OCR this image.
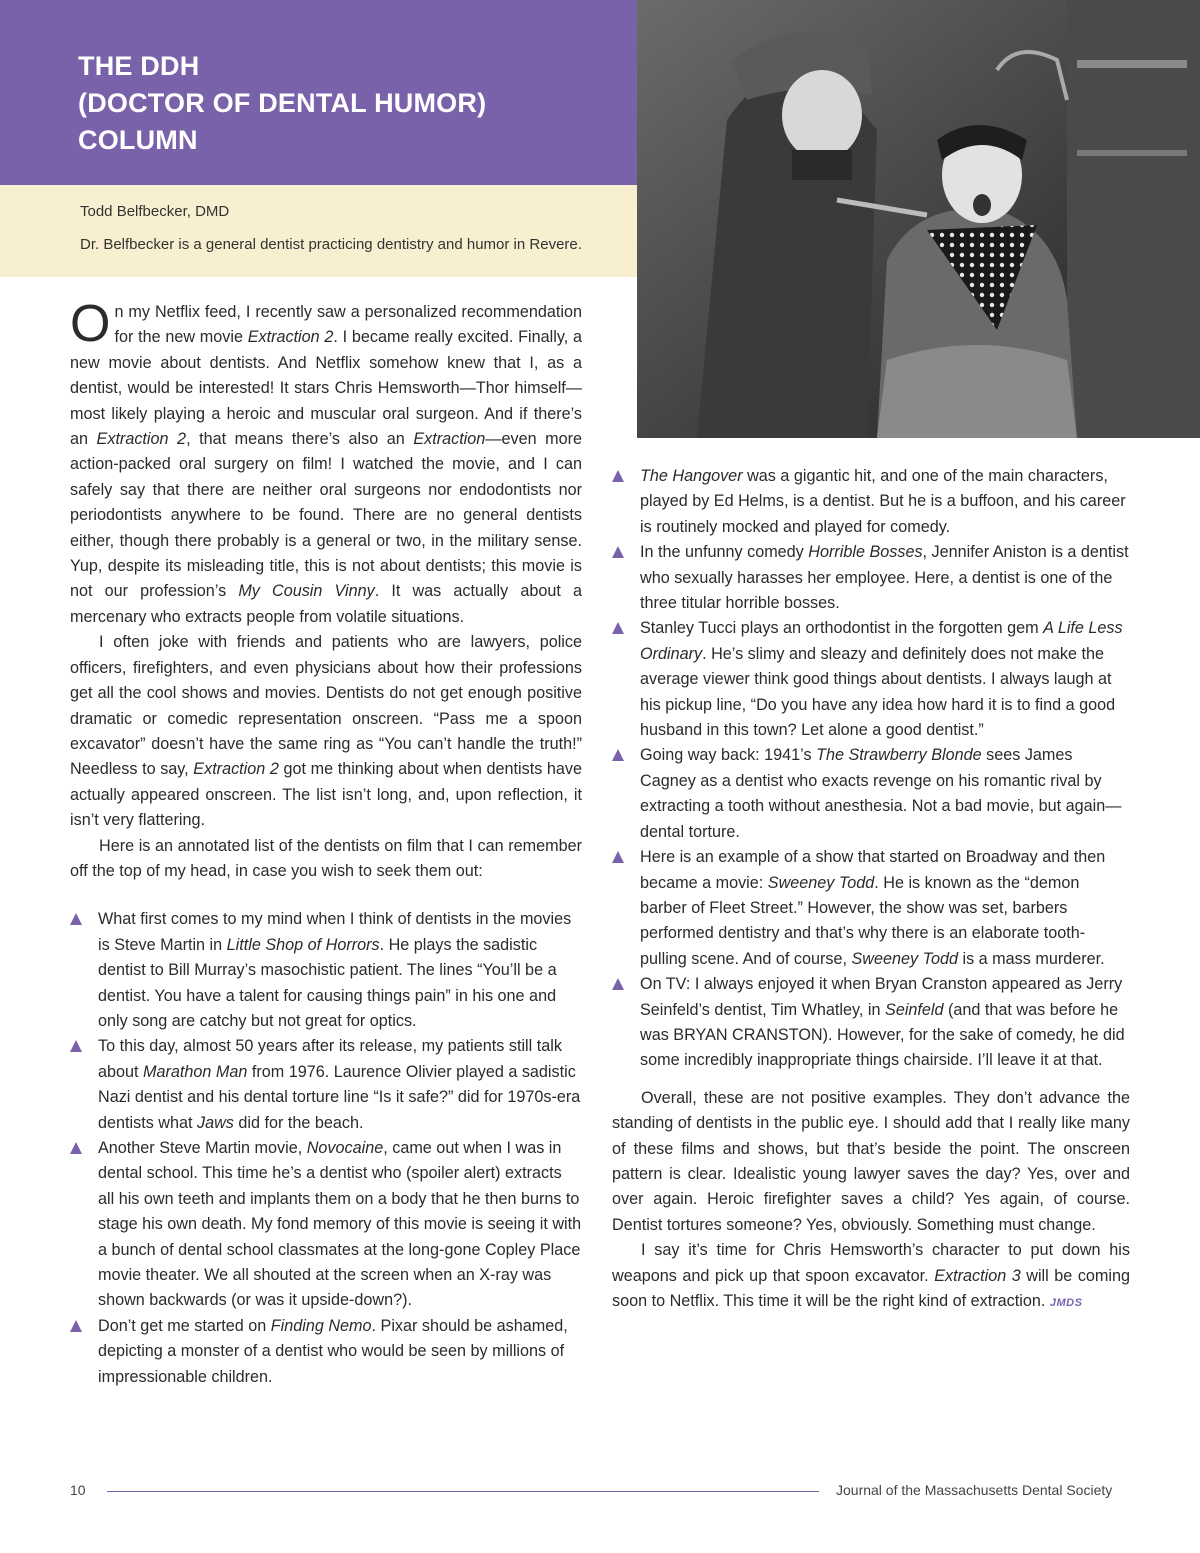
THE DDH
(DOCTOR OF DENTAL HUMOR)
COLUMN
Todd Belfbecker, DMD
Dr. Belfbecker is a general dentist practicing dentistry and humor in Revere.

On my Netflix feed, I recently saw a personalized recommendation for the new movie Extraction 2. I became really excited. Finally, a new movie about dentists. And Netflix somehow knew that I, as a dentist, would be interested! It stars Chris Hemsworth—Thor himself—most likely playing a heroic and muscular oral surgeon. And if there’s an Extraction 2, that means there’s also an Extraction—even more action-packed oral surgery on film! I watched the movie, and I can safely say that there are neither oral surgeons nor endodontists nor periodontists anywhere to be found. There are no general dentists either, though there probably is a general or two, in the military sense. Yup, despite its misleading title, this is not about dentists; this movie is not our profession’s My Cousin Vinny. It was actually about a mercenary who extracts people from volatile situations.

I often joke with friends and patients who are lawyers, police officers, firefighters, and even physicians about how their professions get all the cool shows and movies. Dentists do not get enough positive dramatic or comedic representation onscreen. “Pass me a spoon excavator” doesn’t have the same ring as “You can’t handle the truth!” Needless to say, Extraction 2 got me thinking about when dentists have actually appeared onscreen. The list isn’t long, and, upon reflection, it isn’t very flattering.

Here is an annotated list of the dentists on film that I can remember off the top of my head, in case you wish to seek them out:

What first comes to my mind when I think of dentists in the movies is Steve Martin in Little Shop of Horrors. He plays the sadistic dentist to Bill Murray’s masochistic patient. The lines “You’ll be a dentist. You have a talent for causing things pain” in his one and only song are catchy but not great for optics.
To this day, almost 50 years after its release, my patients still talk about Marathon Man from 1976. Laurence Olivier played a sadistic Nazi dentist and his dental torture line “Is it safe?” did for 1970s-era dentists what Jaws did for the beach.
Another Steve Martin movie, Novocaine, came out when I was in dental school. This time he’s a dentist who (spoiler alert) extracts all his own teeth and implants them on a body that he then burns to stage his own death. My fond memory of this movie is seeing it with a bunch of dental school classmates at the long-gone Copley Place movie theater. We all shouted at the screen when an X-ray was shown backwards (or was it upside-down?).
Don’t get me started on Finding Nemo. Pixar should be ashamed, depicting a monster of a dentist who would be seen by millions of impressionable children.
The Hangover was a gigantic hit, and one of the main characters, played by Ed Helms, is a dentist. But he is a buffoon, and his career is routinely mocked and played for comedy.
In the unfunny comedy Horrible Bosses, Jennifer Aniston is a dentist who sexually harasses her employee. Here, a dentist is one of the three titular horrible bosses.
Stanley Tucci plays an orthodontist in the forgotten gem A Life Less Ordinary. He’s slimy and sleazy and definitely does not make the average viewer think good things about dentists. I always laugh at his pickup line, “Do you have any idea how hard it is to find a good husband in this town? Let alone a good dentist.”
Going way back: 1941’s The Strawberry Blonde sees James Cagney as a dentist who exacts revenge on his romantic rival by extracting a tooth without anesthesia. Not a bad movie, but again—dental torture.
Here is an example of a show that started on Broadway and then became a movie: Sweeney Todd. He is known as the “demon barber of Fleet Street.” However, the show was set, barbers performed dentistry and that’s why there is an elaborate tooth-pulling scene. And of course, Sweeney Todd is a mass murderer.
On TV: I always enjoyed it when Bryan Cranston appeared as Jerry Seinfeld’s dentist, Tim Whatley, in Seinfeld (and that was before he was BRYAN CRANSTON). However, for the sake of comedy, he did some incredibly inappropriate things chairside. I’ll leave it at that.

Overall, these are not positive examples. They don’t advance the standing of dentists in the public eye. I should add that I really like many of these films and shows, but that’s beside the point. The onscreen pattern is clear. Idealistic young lawyer saves the day? Yes, over and over again. Heroic firefighter saves a child? Yes again, of course. Dentist tortures someone? Yes, obviously. Something must change.

I say it’s time for Chris Hemsworth’s character to put down his weapons and pick up that spoon excavator. Extraction 3 will be coming soon to Netflix. This time it will be the right kind of extraction. JMDS

10	Journal of the Massachusetts Dental Society
